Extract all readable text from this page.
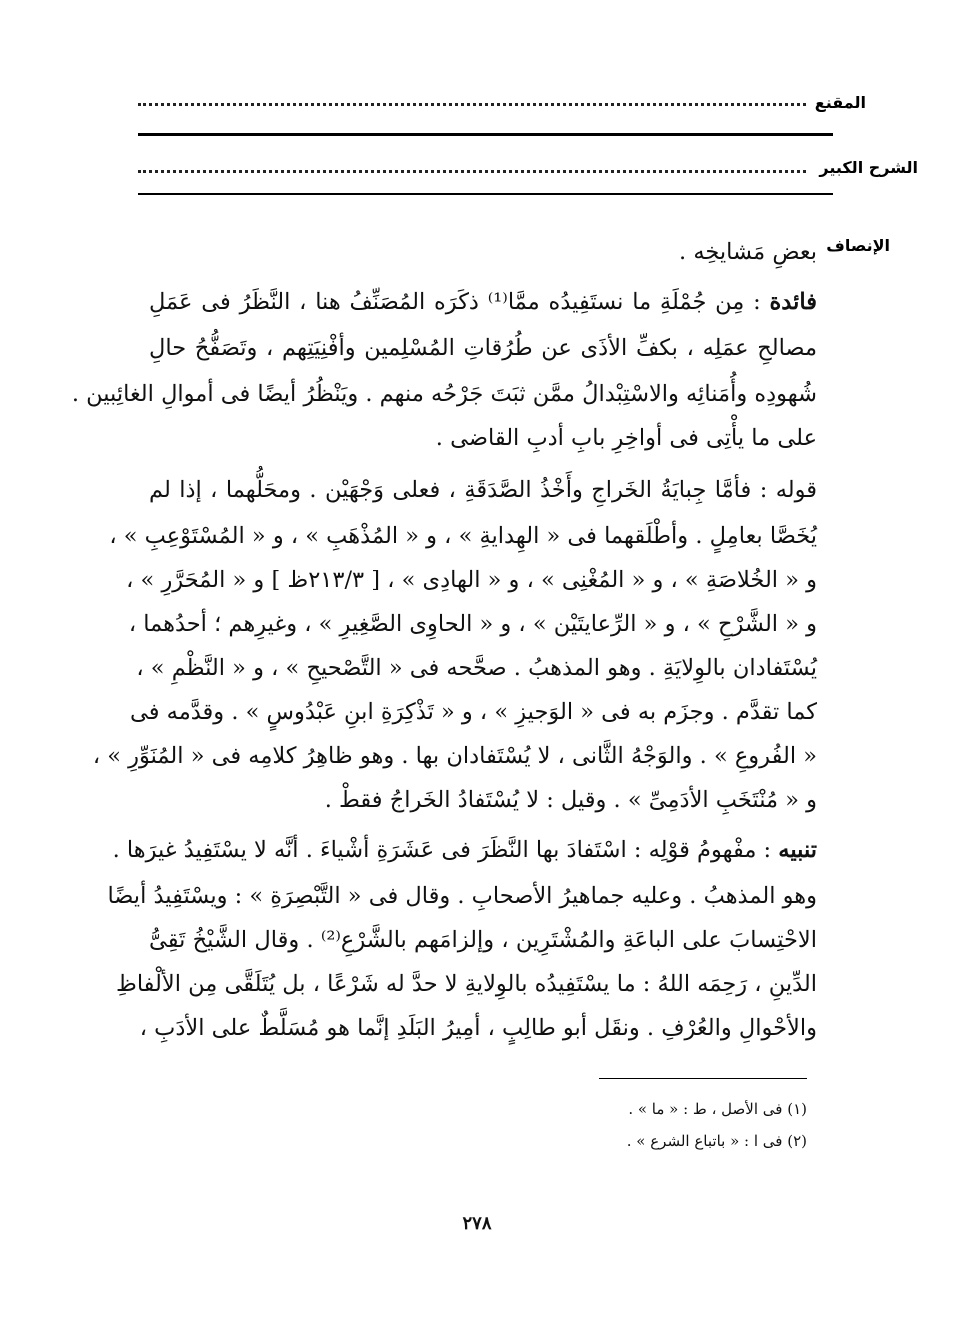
المقنع
الشرح الكبير
الإنصاف
بعضِ مَشايخِه .
فائدة : مِن جُمْلَةِ ما نستَفِيدُه ممَّا⁽¹⁾ ذكَرَه المُصَنِّفُ هنا ، النَّظَرُ فى عَمَلِ
مصالحِ عمَلِه ، بكفِّ الأذَى عن طُرُقاتِ المُسْلِمين وأفْنِيَتِهم ، وتَصَفُّحُ حالِ
شُهودِه وأُمَنائِه والاسْتِبْدالُ ممَّن ثبَتَ جَرْحُه منهم . ويَنْظُرُ أيضًا فى أموالِ الغائِبين .
على ما يأْتِى فى أواخِرِ بابِ أدبِ القاضى .
قوله : فأمَّا جِبايَةُ الخَراجِ وأَخْذُ الصَّدَقَةِ ، فعلى وَجْهَيْن . ومحَلُّهما ، إذا لم
يُخَصَّا بعامِلٍ . وأطْلَقهما فى « الهِدايةِ » ، و « المُذْهَبِ » ، و « المُسْتَوْعِبِ » ،
و « الخُلاصَةِ » ، و « المُغْنِى » ، و « الهادِى » ، [ ٢١٣/٣ظ ] و « المُحَرَّرِ » ،
و « الشَّرْحِ » ، و « الرِّعايتَيْن » ، و « الحاوِى الصَّغِيرِ » ، وغيرِهم ؛ أحدُهما ،
يُسْتَفادان بالوِلايَةِ . وهو المذهبُ . صحَّحه فى « التَّصْحيحِ » ، و « النَّظْمِ » ،
كما تقدَّم . وجزَم به فى « الوَجيزِ » ، و « تَذْكِرَةِ ابنِ عَبْدُوسٍ » . وقدَّمه فى
« الفُروعِ » . والوَجْهُ الثَّانى ، لا يُسْتَفادان بها . وهو ظاهِرُ كلامِه فى « المُنَوِّرِ » ،
و « مُنْتَخَبِ الأدَمِىِّ » . وقيل : لا يُسْتَفادُ الخَراجُ فقطْ .
تنبيه : مفْهومُ قوْلِه : اسْتَفادَ بها النَّظَرَ فى عَشَرَةِ أشْياءَ . أنَّه لا يسْتَفِيدُ غيرَها .
وهو المذهبُ . وعليه جماهيرُ الأصحابِ . وقال فى « التَّبْصِرَةِ » : ويسْتَفِيدُ أيضًا
الاحْتِسابَ على الباعَةِ والمُشْتَرِين ، وإلزامَهم بالشَّرْعِ⁽²⁾ . وقال الشَّيْخُ تَقِىُّ
الدِّينِ ، رَحِمَه اللهُ : ما يسْتَفِيدُه بالوِلايةِ لا حدَّ له شَرْعًا ، بل يُتَلَقَّى مِن الألْفاظِ
والأحْوالِ والعُرْفِ . ونقَل أبو طالِبٍ ، أمِيرُ البَلَدِ إنَّما هو مُسَلَّطٌ على الأدَبِ ،
(١) فى الأصل ، ط : « ما » .
(٢) فى ا : « باتباع الشرع » .
٢٧٨
